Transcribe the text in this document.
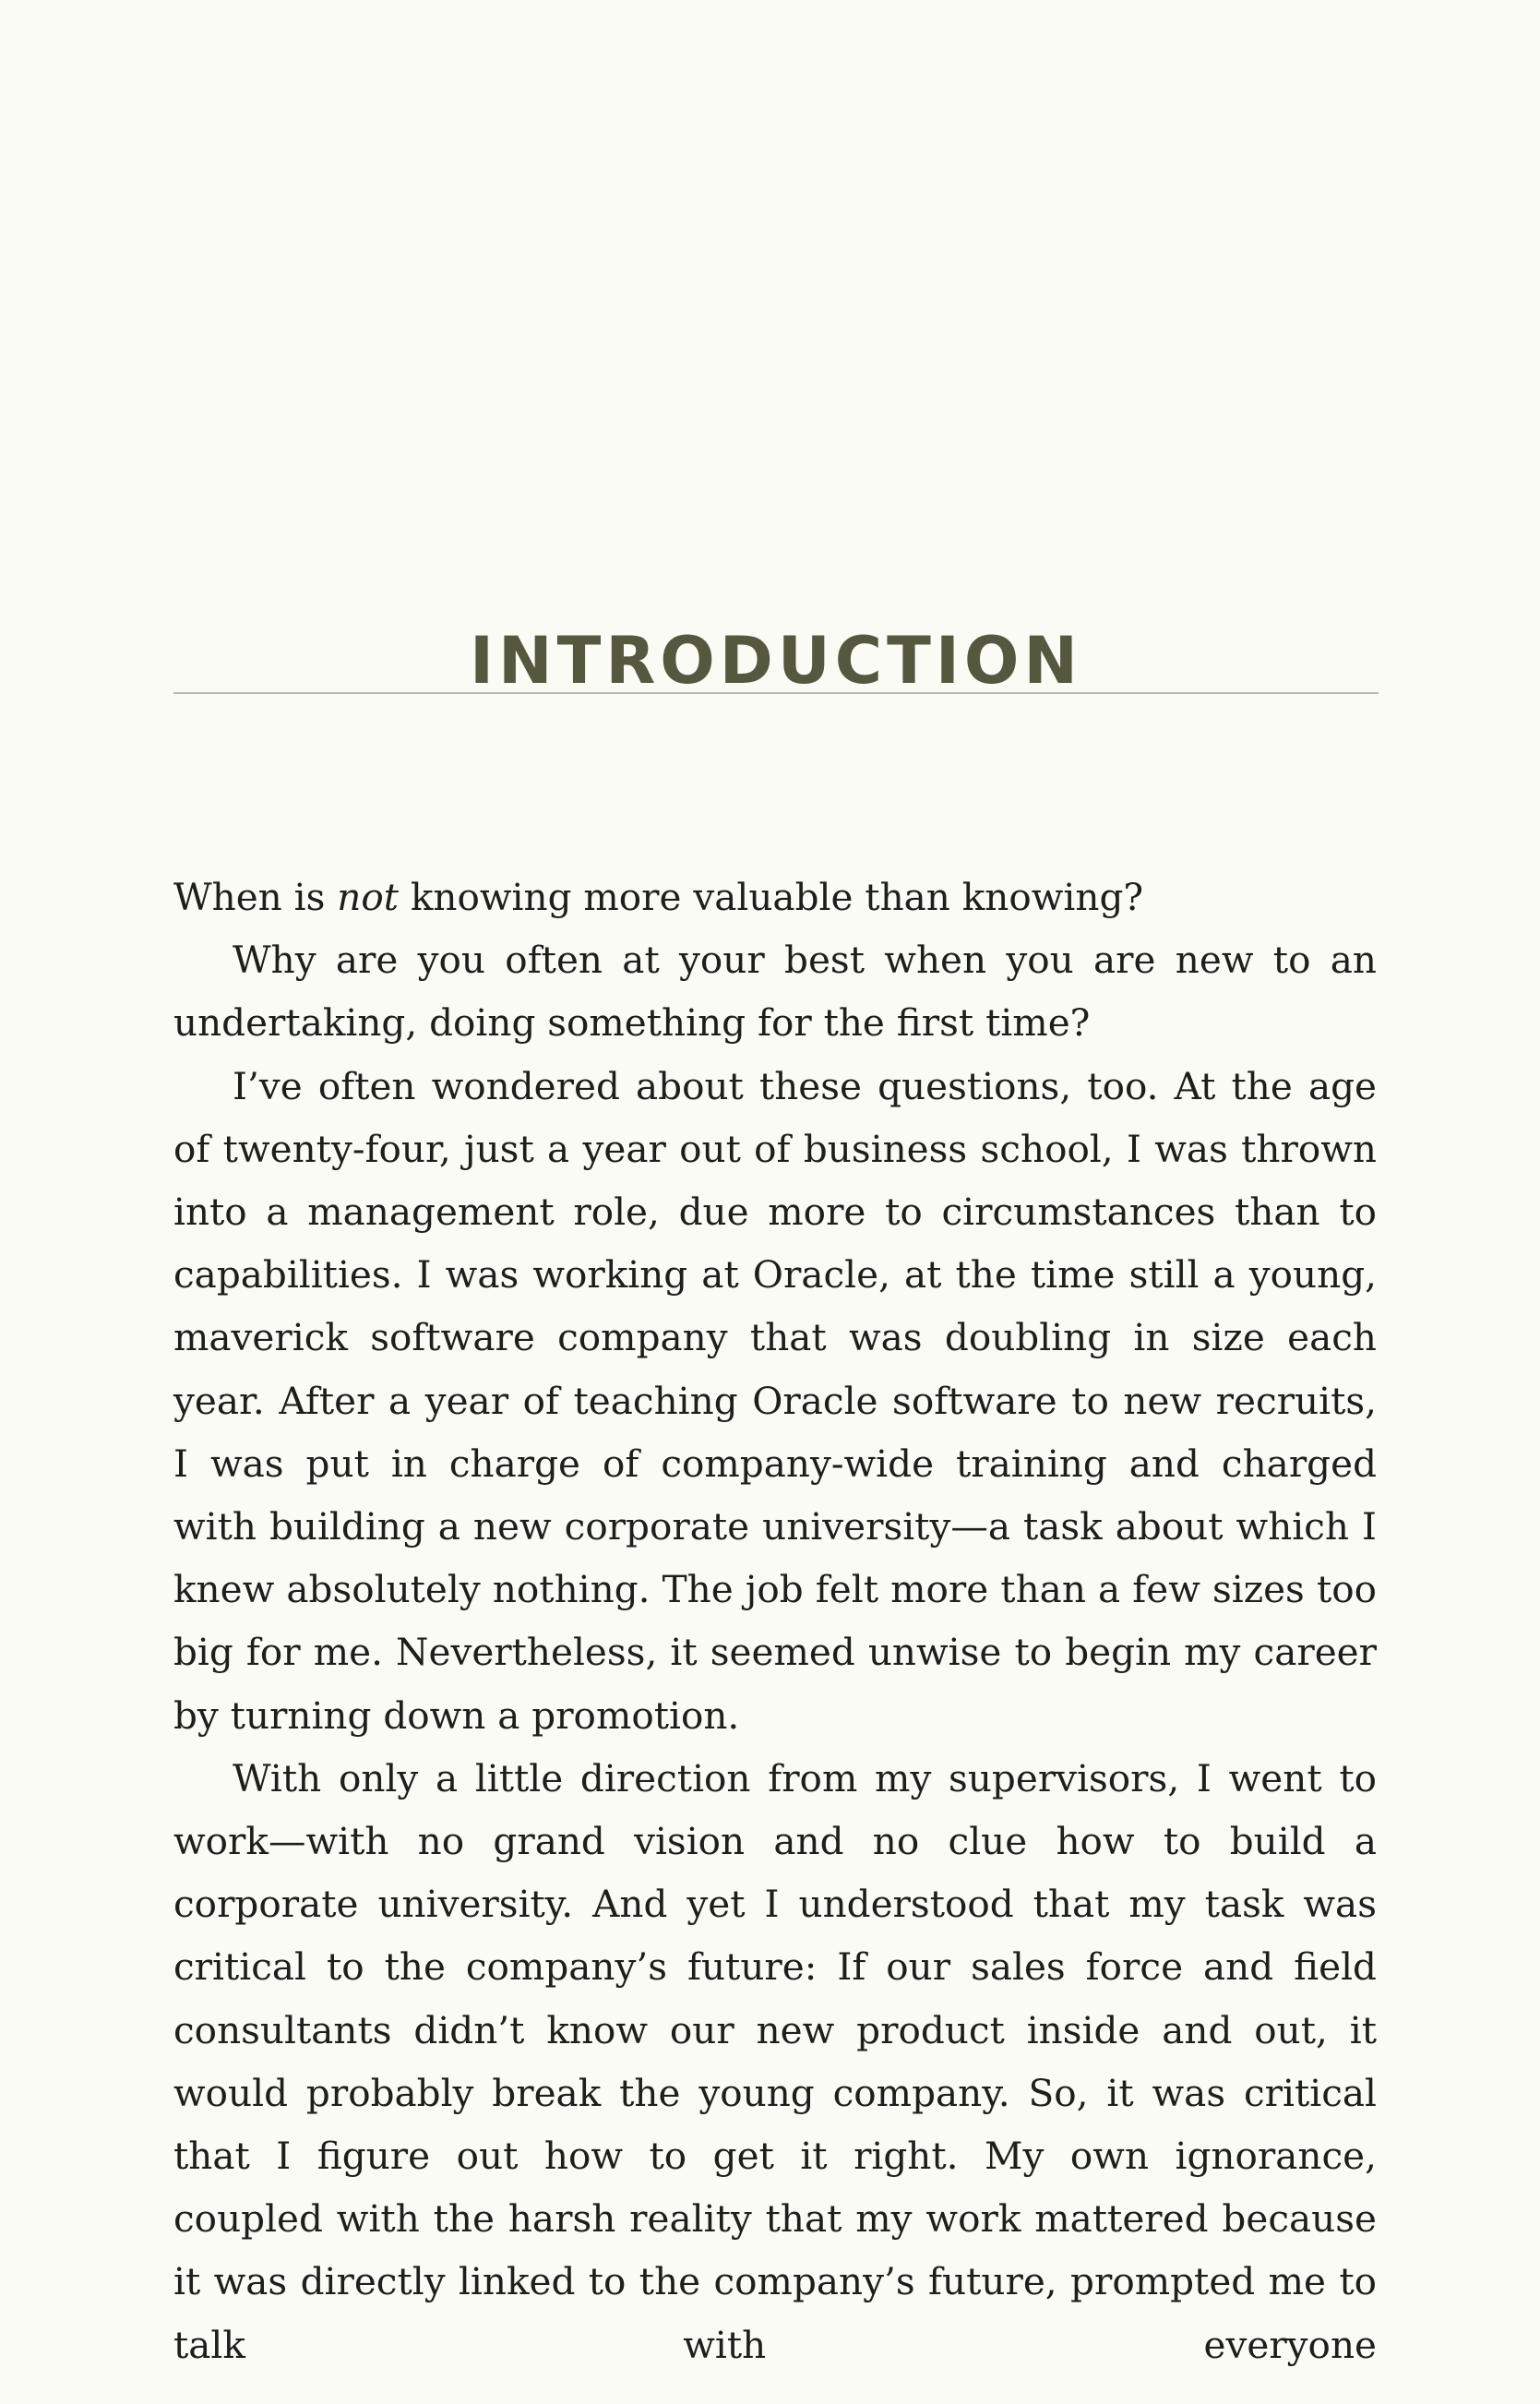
INTRODUCTION

When is not knowing more valuable than knowing?

Why are you often at your best when you are new to an undertaking, doing something for the first time?

I’ve often wondered about these questions, too. At the age of twenty-four, just a year out of business school, I was thrown into a management role, due more to circumstances than to capabilities. I was working at Oracle, at the time still a young, maverick software company that was doubling in size each year. After a year of teaching Oracle software to new recruits, I was put in charge of company-wide training and charged with building a new corporate university—a task about which I knew absolutely nothing. The job felt more than a few sizes too big for me. Nevertheless, it seemed unwise to begin my career by turning down a promotion.

With only a little direction from my supervisors, I went to work—with no grand vision and no clue how to build a corporate university. And yet I understood that my task was critical to the company’s future: If our sales force and field consultants didn’t know our new product inside and out, it would probably break the young company. So, it was critical that I figure out how to get it right. My own ignorance, coupled with the harsh reality that my work mattered because it was directly linked to the company’s future, prompted me to talk with everyone
